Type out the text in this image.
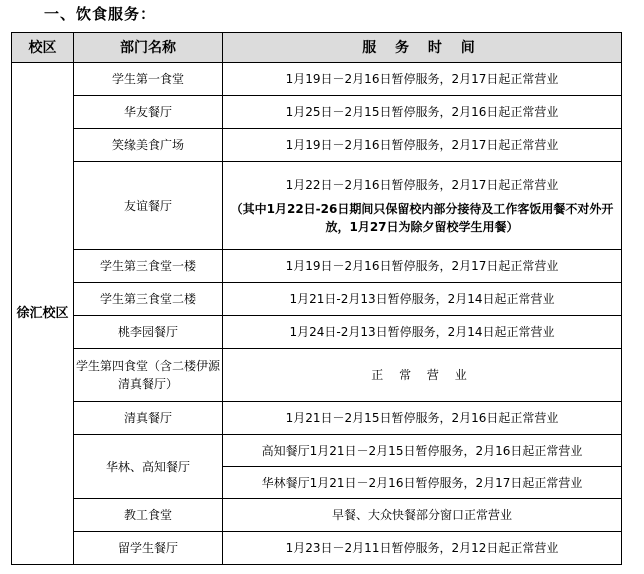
一、饮食服务：
校区	部门名称	服 务 时 间
徐汇校区	学生第一食堂	1月19日－2月16日暂停服务，2月17日起正常营业
	华友餐厅	1月25日－2月15日暂停服务，2月16日起正常营业
	笑缘美食广场	1月19日－2月16日暂停服务，2月17日起正常营业
	友谊餐厅	1月22日－2月16日暂停服务，2月17日起正常营业
（其中1月22日-26日期间只保留校内部分接待及工作客饭用餐不对外开放，1月27日为除夕留校学生用餐）

	学生第三食堂一楼	1月19日－2月16日暂停服务，2月17日起正常营业
	学生第三食堂二楼	1月21日-2月13日暂停服务，2月14日起正常营业
	桃李园餐厅	1月24日-2月13日暂停服务，2月14日起正常营业
	学生第四食堂（含二楼伊源清真餐厅）	正 常 营 业
	清真餐厅	1月21日－2月15日暂停服务，2月16日起正常营业
	华林、高知餐厅	高知餐厅1月21日－2月15日暂停服务，2月16日起正常营业
		华林餐厅1月21日－2月16日暂停服务，2月17日起正常营业
	教工食堂	早餐、大众快餐部分窗口正常营业
	留学生餐厅	1月23日－2月11日暂停服务，2月12日起正常营业
